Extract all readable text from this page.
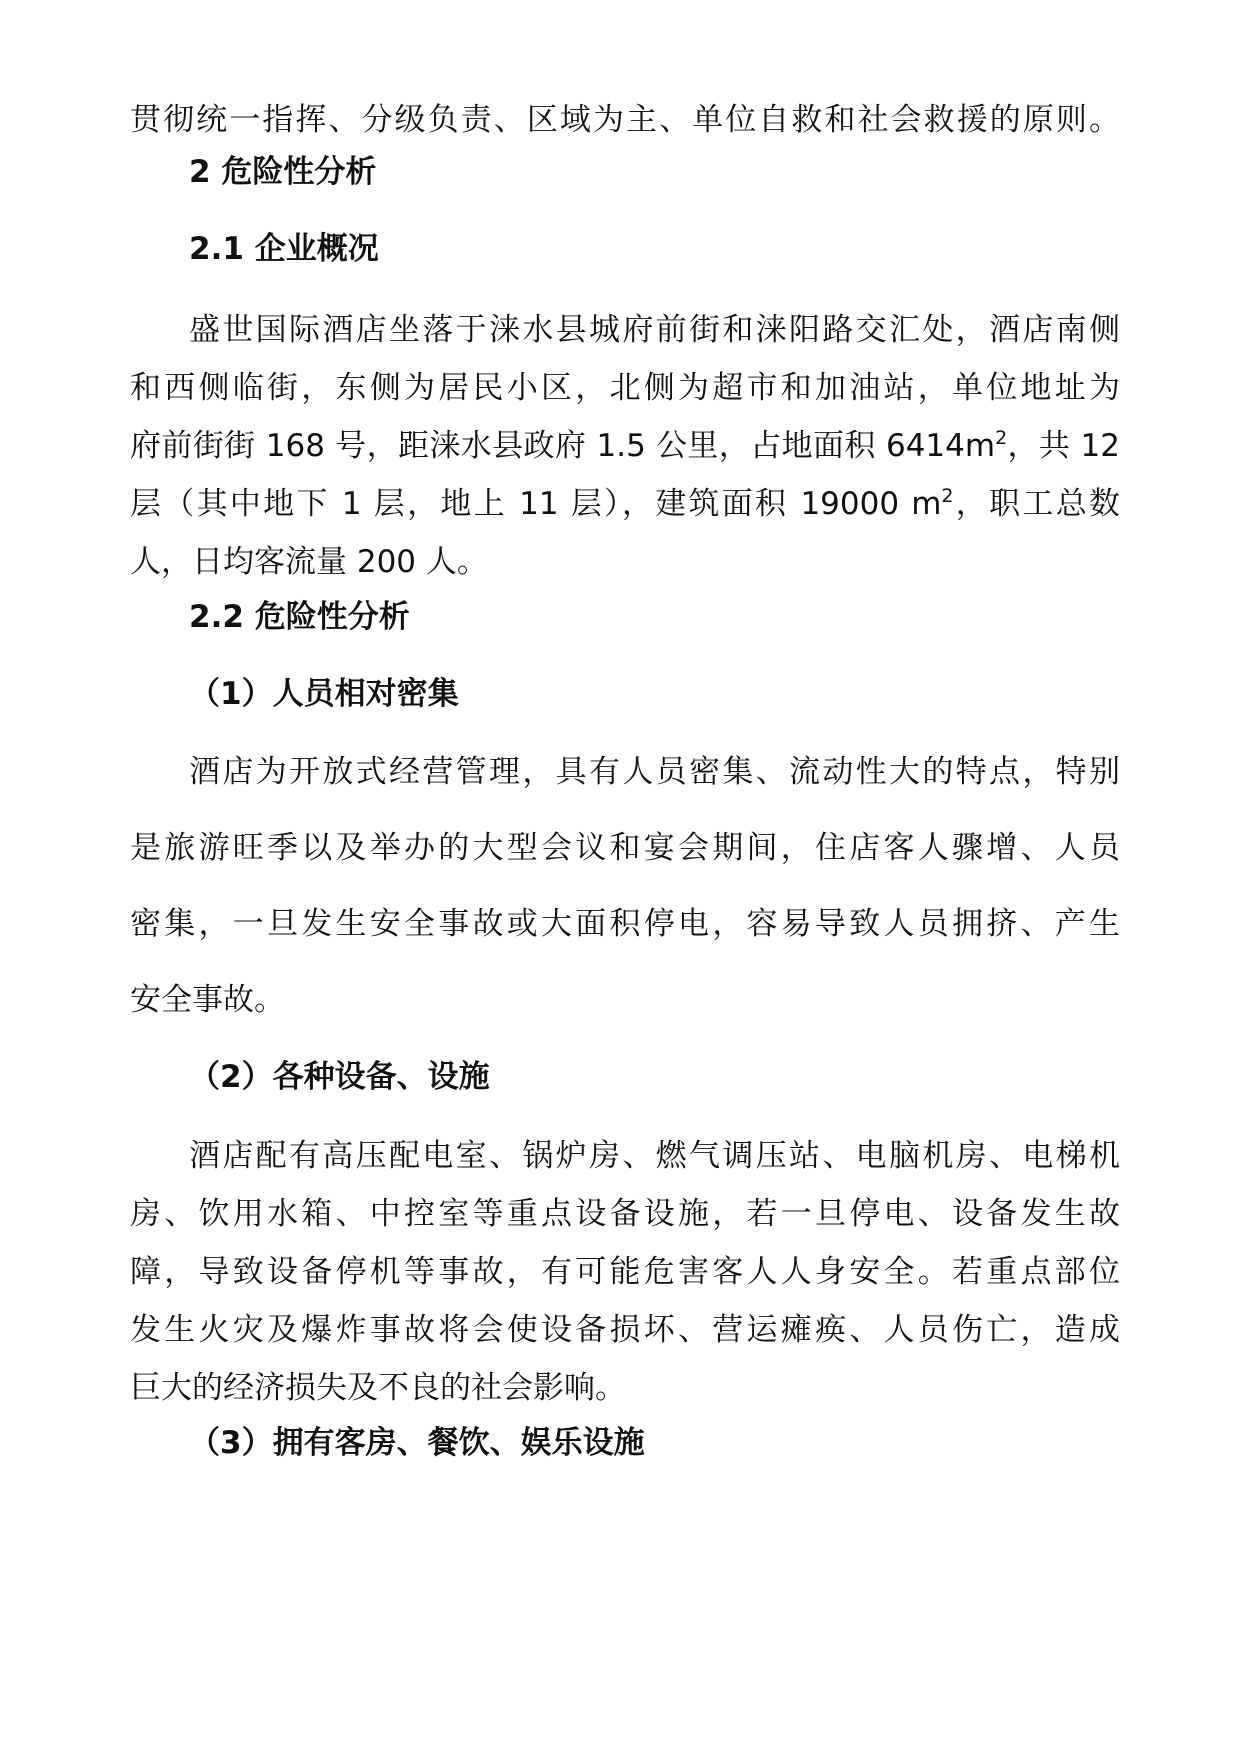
贯彻统一指挥、分级负责、区域为主、单位自救和社会救援的原则。
2 危险性分析
2.1 企业概况
盛世国际酒店坐落于涞水县城府前街和涞阳路交汇处，酒店南侧
和西侧临街，东侧为居民小区，北侧为超市和加油站，单位地址为
府前街街 168 号，距涞水县政府 1.5 公里，占地面积 $6414m^2$，共 12
层（其中地下 1 层，地上 11 层），建筑面积 19000 $m^2$，职工总数
人，日均客流量 200 人。
2.2 危险性分析
（1）人员相对密集
酒店为开放式经营管理，具有人员密集、流动性大的特点，特别
是旅游旺季以及举办的大型会议和宴会期间，住店客人骤增、人员
密集，一旦发生安全事故或大面积停电，容易导致人员拥挤、产生
安全事故。
（2）各种设备、设施
酒店配有高压配电室、锅炉房、燃气调压站、电脑机房、电梯机
房、饮用水箱、中控室等重点设备设施，若一旦停电、设备发生故
障，导致设备停机等事故，有可能危害客人人身安全。若重点部位
发生火灾及爆炸事故将会使设备损坏、营运瘫痪、人员伤亡，造成
巨大的经济损失及不良的社会影响。
（3）拥有客房、餐饮、娱乐设施
